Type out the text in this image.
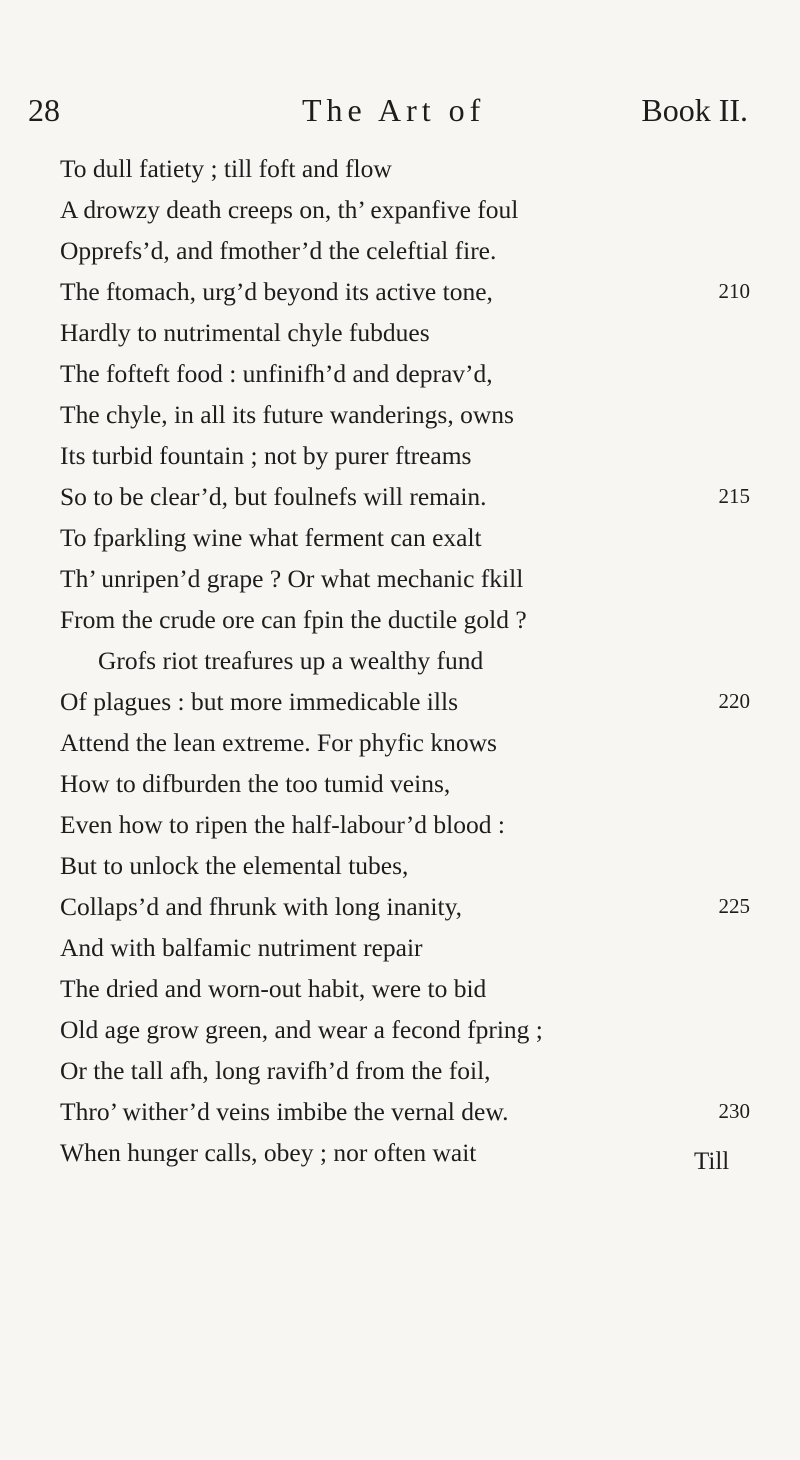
28	The Art of	Book II.
To dull fatiety ; till foft and flow
A drowzy death creeps on, th’ expanfive foul
Opprefs’d, and fmother’d the celeftial fire.
The ftomach, urg’d beyond its active tone,	210
Hardly to nutrimental chyle fubdues
The fofteft food : unfinifh’d and deprav’d,
The chyle, in all its future wanderings, owns
Its turbid fountain ; not by purer ftreams
So to be clear’d, but foulnefs will remain.	215
To fparkling wine what ferment can exalt
Th’ unripen’d grape ? Or what mechanic fkill
From the crude ore can fpin the ductile gold ?
Grofs riot treafures up a wealthy fund
Of plagues : but more immedicable ills	220
Attend the lean extreme. For phyfic knows
How to difburden the too tumid veins,
Even how to ripen the half-labour’d blood :
But to unlock the elemental tubes,
Collaps’d and fhrunk with long inanity,	225
And with balfamic nutriment repair
The dried and worn-out habit, were to bid
Old age grow green, and wear a fecond fpring ;
Or the tall afh, long ravifh’d from the foil,
Thro’ wither’d veins imbibe the vernal dew.	230
When hunger calls, obey ; nor often wait	Till
